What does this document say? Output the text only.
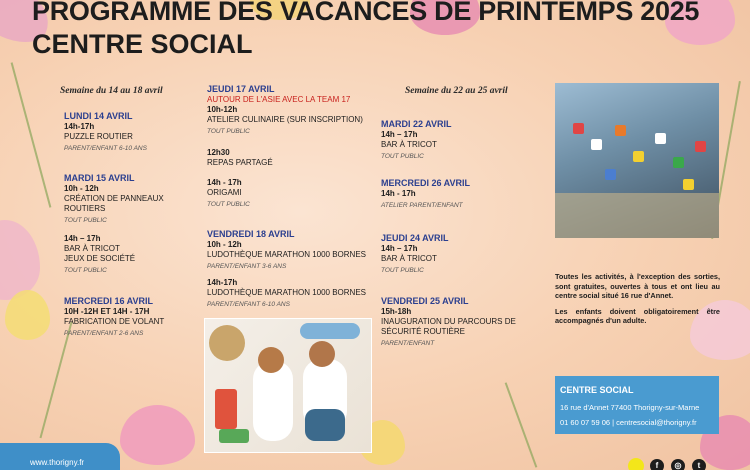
PROGRAMME DES VACANCES DE PRINTEMPS 2025
CENTRE SOCIAL
Semaine du 14 au 18 avril	Semaine du 22 au 25 avril
LUNDI 14 AVRIL
14h-17h
PUZZLE ROUTIER
PARENT/ENFANT 6-10 ANS
MARDI 15 AVRIL
10h - 12h
CRÉATION DE PANNEAUX ROUTIERS
TOUT PUBLIC
14h – 17h
BAR À TRICOT
JEUX DE SOCIÉTÉ
TOUT PUBLIC
MERCREDI 16 AVRIL
10H -12H ET 14H - 17H
FABRICATION DE VOLANT
PARENT/ENFANT 2-6 ANS
JEUDI 17 AVRIL
AUTOUR DE L'ASIE AVEC LA TEAM 17
10h-12h
ATELIER CULINAIRE (SUR INSCRIPTION)
TOUT PUBLIC
12h30
REPAS PARTAGÉ
14h - 17h
ORIGAMI
TOUT PUBLIC
VENDREDI 18 AVRIL
10h - 12h
LUDOTHÈQUE MARATHON 1000 BORNES
PARENT/ENFANT 3-6 ANS
14h-17h
LUDOTHÈQUE MARATHON 1000 BORNES
PARENT/ENFANT 6-10 ANS
MARDI 22 AVRIL
14h – 17h
BAR À TRICOT
TOUT PUBLIC
MERCREDI 26 AVRIL
14h - 17h
ATELIER PARENT/ENFANT
JEUDI 24 AVRIL
14h – 17h
BAR À TRICOT
TOUT PUBLIC
VENDREDI 25 AVRIL
15h-18h
INAUGURATION DU PARCOURS DE SÉCURITÉ ROUTIÈRE
PARENT/ENFANT

Toutes les activités, à l'exception des sorties, sont gratuites, ouvertes à tous et ont lieu au centre social situé 16 rue d'Annet.

Les enfants doivent obligatoirement être accompagnés d'un adulte.

CENTRE SOCIAL
16 rue d'Annet 77400 Thorigny-sur-Marne
01 60 07 59 06 | centresocial@thorigny.fr
www.thorigny.fr	f	◎	t
